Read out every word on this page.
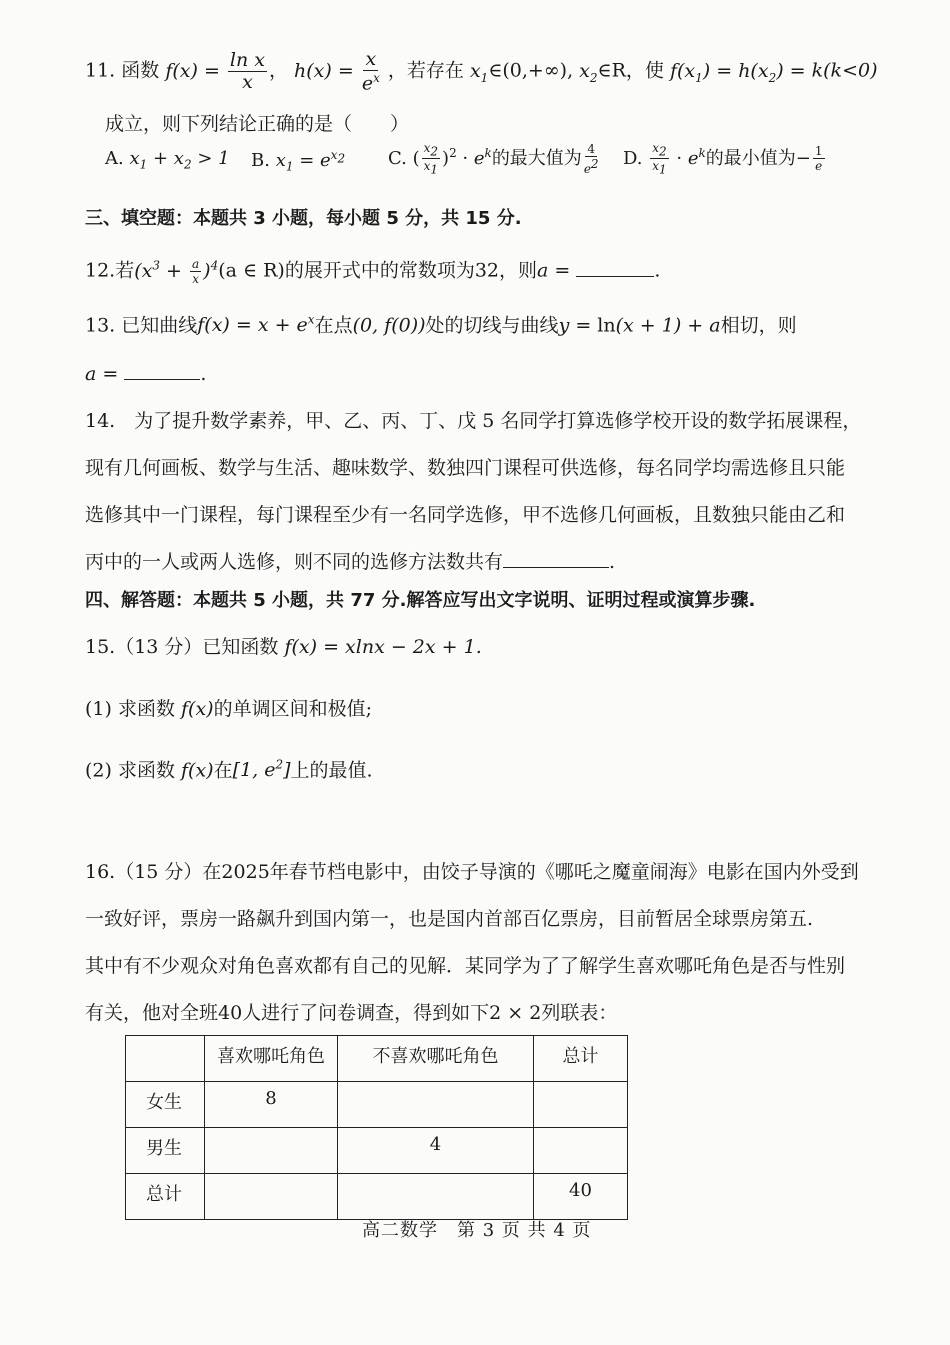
11. 函数 $f(x) = \frac{\text{ln x}}{x}$ ， $h(x) = \frac{x}{e^x}$ ，若存在 $x_1\in(0,+\infty)$, $x_2\in R$，使 $f(x_1) = h(x_2) = k(k<0)$
成立，则下列结论正确的是（　　）
A. $x_1 + x_2 > 1$ B. $x_1 = e^{x_2}$ C. ( $\frac{x_2}{x_1} )^2 \cdot e^k$的最大值为 $\frac{4}{e^2} D$. $\frac{x_2}{x_1} \cdot e^k$的最小值为− $\frac{1}{e}$
三、填空题：本题共 3 小题，每小题 5 分，共 15 分.
12.若$(x^3 + \frac{a}{x} )^4(a$ ∈ R)的展开式中的常数项为32，则a =	.
13. 已知曲线$f(x) = x + e^x$在点(0, f(0))处的切线与曲线y = ln(x + 1) + a相切，则
a =	.
14.　为了提升数学素养，甲、乙、丙、丁、戊 5 名同学打算选修学校开设的数学拓展课程，
现有几何画板、数学与生活、趣味数学、数独四门课程可供选修，每名同学均需选修且只能
选修其中一门课程，每门课程至少有一名同学选修，甲不选修几何画板，且数独只能由乙和
丙中的一人或两人选修，则不同的选修方法数共有	.
四、解答题：本题共 5 小题，共 77 分.解答应写出文字说明、证明过程或演算步骤.
15.（13 分）已知函数 f(x) = xlnx − 2x + 1.
(1) 求函数 f(x)的单调区间和极值;
(2) 求函数 f(x)在[1, $e^2$]上的最值.
16.（15 分）在2025年春节档电影中，由饺子导演的《哪吒之魔童闹海》电影在国内外受到
一致好评，票房一路飙升到国内第一，也是国内首部百亿票房，目前暂居全球票房第五.
其中有不少观众对角色喜欢都有自己的见解．某同学为了了解学生喜欢哪吒角色是否与性别
有关，他对全班40人进行了问卷调查，得到如下2 × 2列联表：
	喜欢哪吒角色	不喜欢哪吒角色	总计
女生	8		
男生		4	
总计			40
高二数学　第 3 页 共 4 页
